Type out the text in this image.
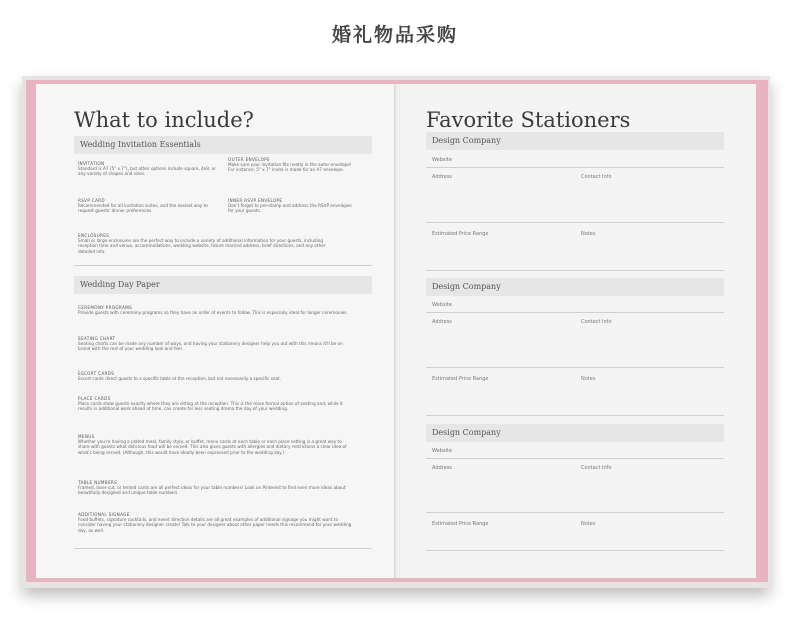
婚礼物品采购
What to include?
Wedding Invitation Essentials
INVITATION
Standard is A7 (5" x 7"), but other options include square, 4x9, or any variety of shapes and sizes.
OUTER ENVELOPE
Make sure your invitation fits neatly in the outer envelope! For instance, 5" x 7" invite is made for an A7 envelope.
RSVP CARD
Recommended for all invitation suites, and the easiest way to request guests' dinner preferences.
INNER RSVP ENVELOPE
Don't forget to pre-stamp and address the RSVP envelopes for your guests.
ENCLOSURES
Small or large enclosures are the perfect way to include a variety of additional information for your guests, including reception time and venue, accommodations, wedding website, future married address, brief directions, and any other detailed info.
Wedding Day Paper
CEREMONY PROGRAMS
Provide guests with ceremony programs so they have an order of events to follow. This is especially ideal for longer ceremonies.
SEATING CHART
Seating charts can be made any number of ways, and having your stationery designer help you out with this means it'll be on brand with the rest of your wedding look and feel.
ESCORT CARDS
Escort cards direct guests to a specific table at the reception, but not necessarily a specific seat.
PLACE CARDS
Place cards show guests exactly where they are sitting at the reception. This is the more formal option of seating and, while it results in additional work ahead of time, can create for less seating drama the day of your wedding.
MENUS
Whether you're having a plated meal, family style, or buffet, menu cards at each table or each place setting is a great way to share with guests what delicious food will be served. This also gives guests with allergies and dietary restrictions a clear idea of what's being served. (Although, this would have ideally been expressed prior to the wedding day.)
TABLE NUMBERS
Framed, laser-cut, or tented cards are all perfect ideas for your table numbers! Look on Pinterest to find even more ideas about beautifully designed and unique table numbers.
ADDITIONAL SIGNAGE
Food buffets, signature cocktails, and event direction details are all great examples of additional signage you might want to consider having your stationery designer create! Talk to your designer about other paper needs this recommend for your wedding day, as well.
Favorite Stationers
Design Company
Website
Address	Contact Info
Estimated Price Range	Notes
Design Company
Website
Address	Contact Info
Estimated Price Range	Notes
Design Company
Website
Address	Contact Info
Estimated Price Range	Notes
